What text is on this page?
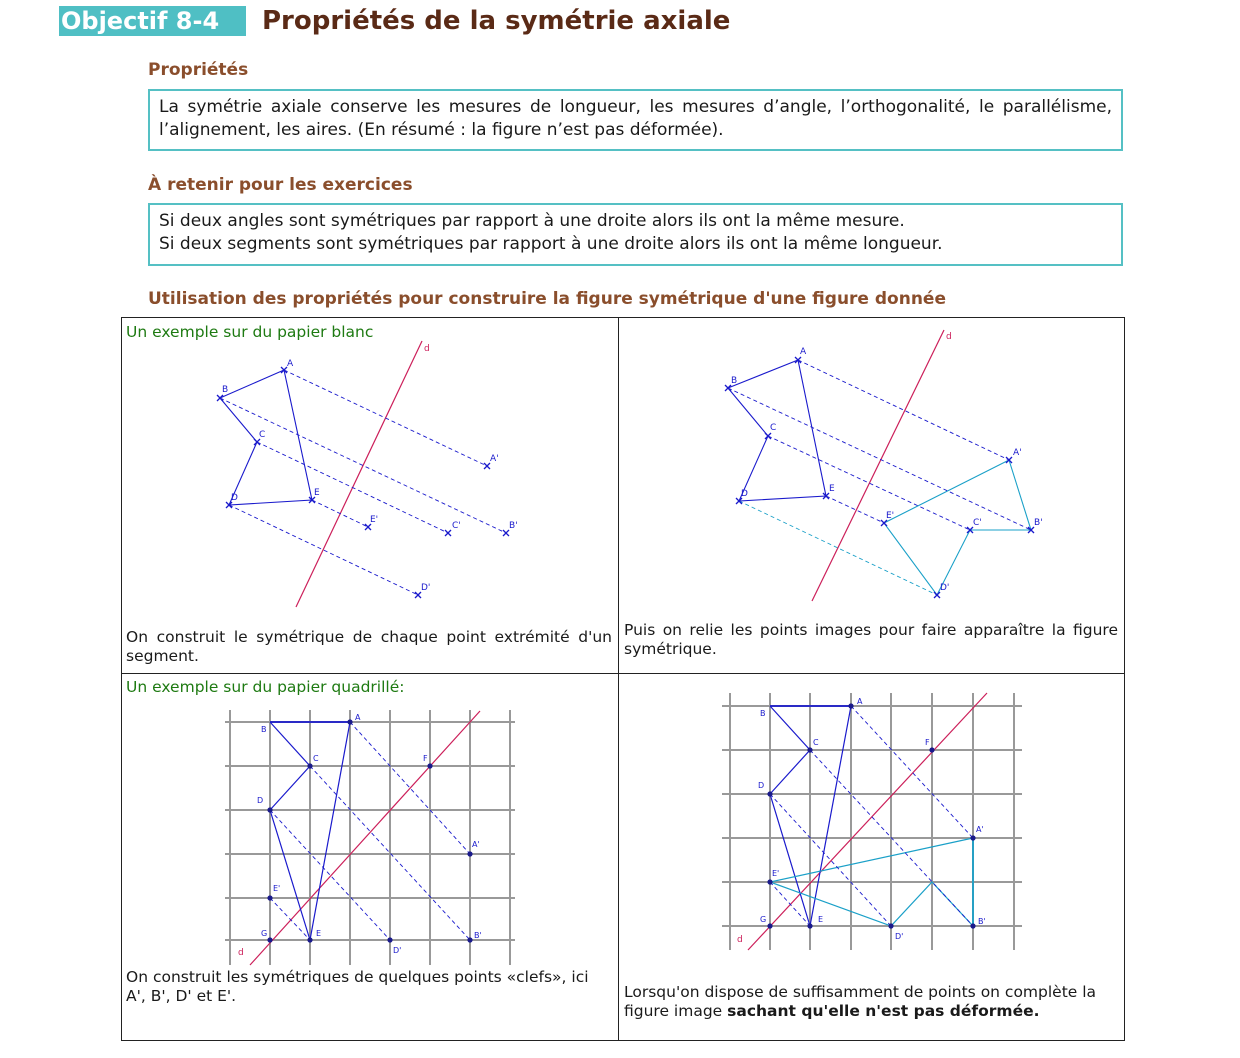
Objectif 8-4	Propriétés de la symétrie axiale
Propriétés

La symétrie axiale conserve les mesures de longueur, les mesures d’angle, l’orthogonalité, le parallélisme, l’alignement, les aires. (En résumé : la figure n’est pas déformée).

À retenir pour les exercices

Si deux angles sont symétriques par rapport à une droite alors ils ont la même mesure.

Si deux segments sont symétriques par rapport à une droite alors ils ont la même longueur.

Utilisation des propriétés pour construire la figure symétrique d'une figure donnée
Un exemple sur du papier blanc
On construit le symétrique de chaque point extrémité d'un segment.
Puis on relie les points images pour faire apparaître la figure symétrique.
Un exemple sur du papier quadrillé:
On construit les symétriques de quelques points «clefs», ici A', B', D' et E'.	Lorsqu'on dispose de suffisamment de points on complète la figure image sachant qu'elle n'est pas déformée.
d
A
B
C
D	E
A'
E'
C'	B'
D'
d
A
B
C
D	E
A'
E'
C'	B'
D'
d
A
B
C
D
F
A'
E'
G	E
D'
B'	d
A
B
C	F
D
A'
E'
G	E
D'
B'
